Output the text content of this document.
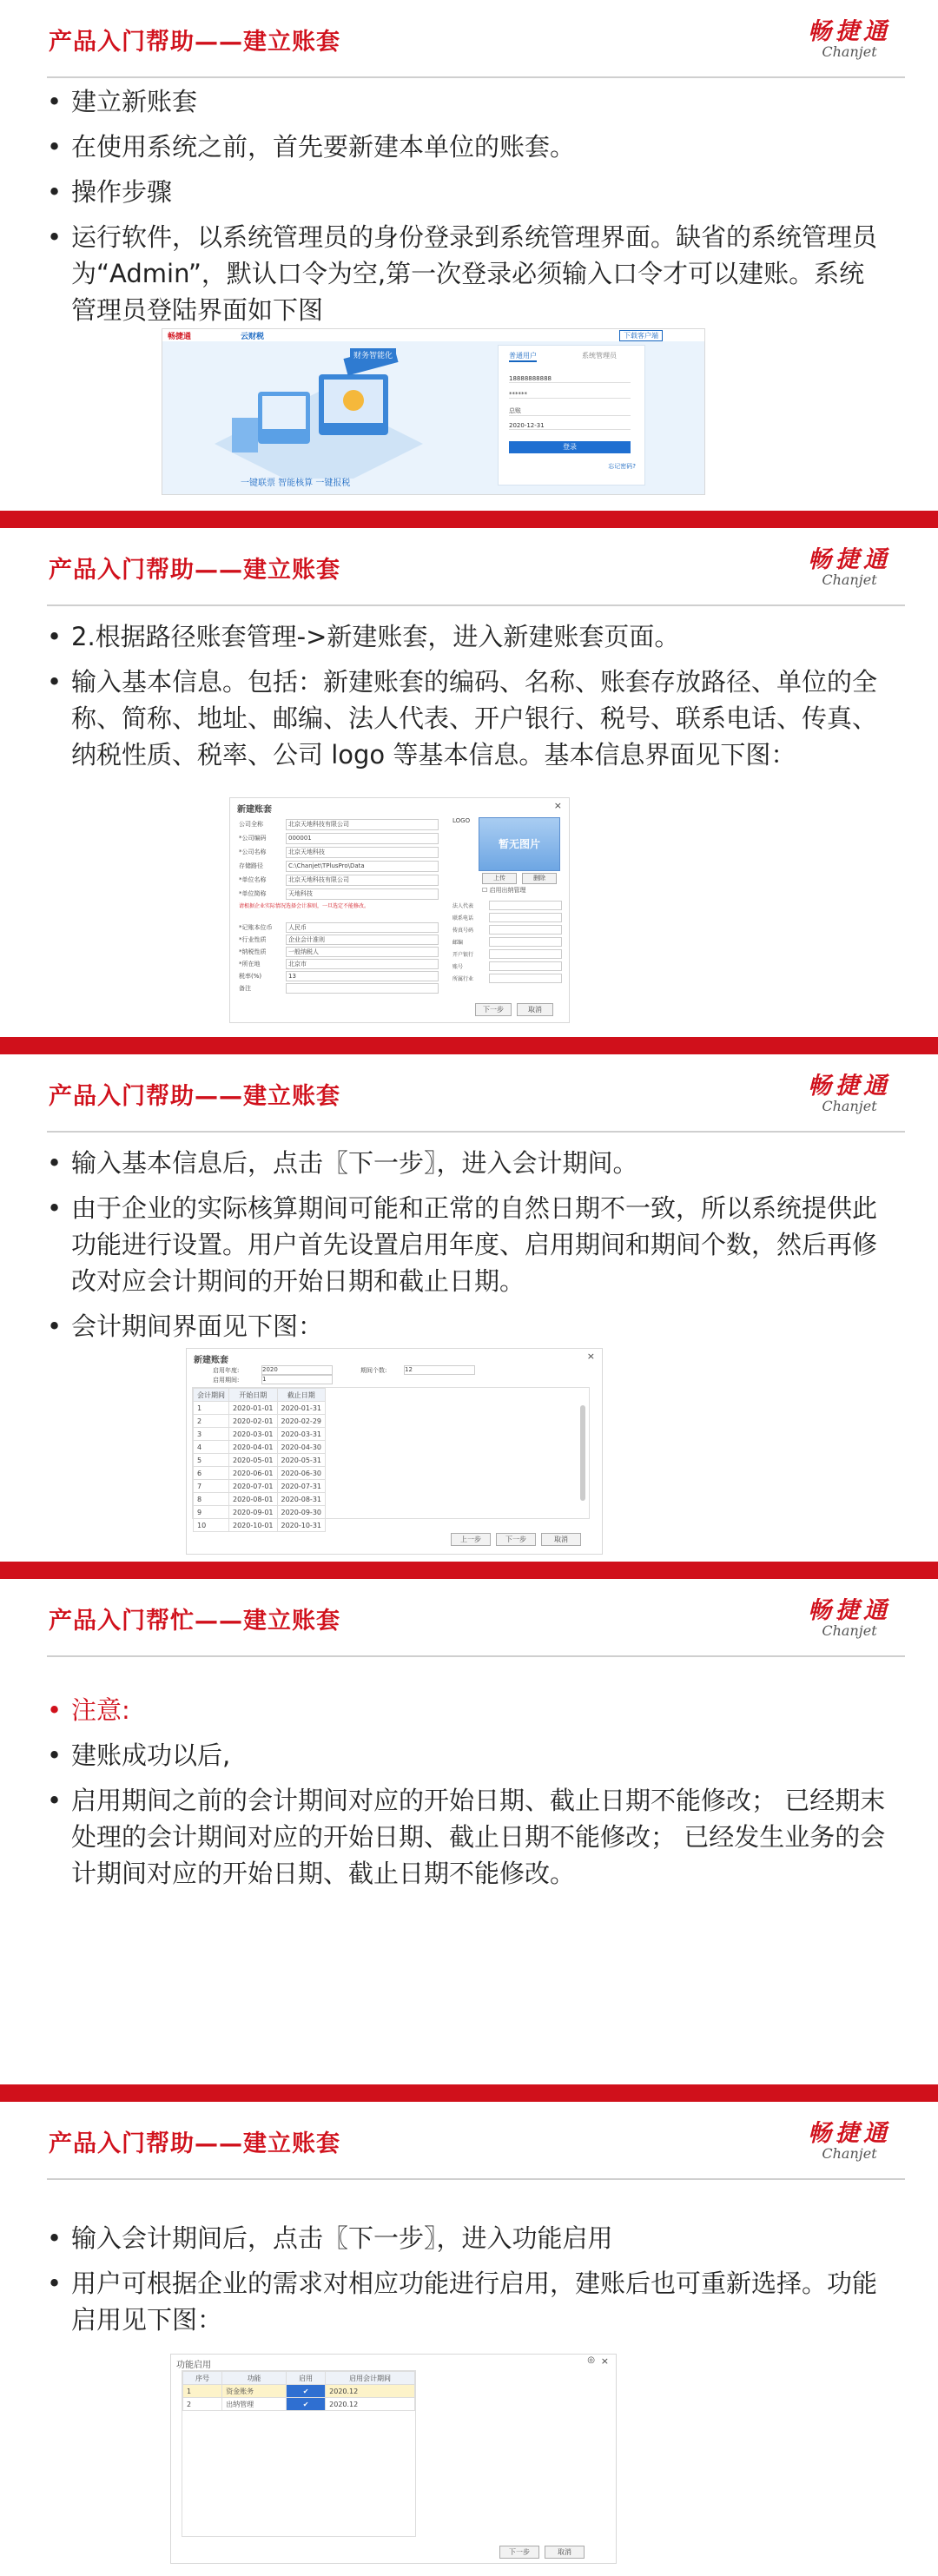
产品入门帮助——建立账套	畅捷通
Chanjet
• 建立新账套
• 在使用系统之前，首先要新建本单位的账套。
• 操作步骤
• 运行软件，以系统管理员的身份登录到系统管理界面。缺省的系统管理员为“Admin”，默认口令为空,第一次登录必须输入口令才可以建账。系统管理员登陆界面如下图
畅捷通	云财税	下载客户端
财务智能化
一键联票 智能核算 一键报税
普通用户	系统管理员
18888888888
******
总账
2020-12-31
登录
忘记密码?
产品入门帮助——建立账套	畅捷通
Chanjet
• 2.根据路径账套管理->新建账套，进入新建账套页面。
• 输入基本信息。包括：新建账套的编码、名称、账套存放路径、单位的全称、简称、地址、邮编、法人代表、开户银行、税号、联系电话、传真、纳税性质、税率、公司 logo 等基本信息。基本信息界面见下图：
新建账套	×
公司全称	北京天地科技有限公司
*公司编码	000001
*公司名称	北京天地科技
存储路径	C:\Chanjet\TPlusPro\Data
*单位名称	北京天地科技有限公司
*单位简称	天地科技
请根据企业实际情况选择会计准则，一旦选定不能修改。
*记账本位币	人民币
*行业性质	企业会计准则
*纳税性质	一般纳税人
*所在地	北京市
税率(%)	13
备注
LOGO
暂无图片
上传	删除
☐ 启用出纳管理
法人代表
联系电话
传真号码
邮编
开户银行
账号
所属行业
下一步	取消
产品入门帮助——建立账套	畅捷通
Chanjet
• 输入基本信息后，点击〖下一步〗，进入会计期间。
• 由于企业的实际核算期间可能和正常的自然日期不一致，所以系统提供此功能进行设置。用户首先设置启用年度、启用期间和期间个数，然后再修改对应会计期间的开始日期和截止日期。
• 会计期间界面见下图：
新建账套	×
启用年度:	2020
启用期间:	1
期间个数:	12
会计期间	开始日期	截止日期
1	2020-01-01	2020-01-31
2	2020-02-01	2020-02-29
3	2020-03-01	2020-03-31
4	2020-04-01	2020-04-30
5	2020-05-01	2020-05-31
6	2020-06-01	2020-06-30
7	2020-07-01	2020-07-31
8	2020-08-01	2020-08-31
9	2020-09-01	2020-09-30
10	2020-10-01	2020-10-31
上一步	下一步	取消
产品入门帮忙——建立账套	畅捷通
Chanjet
• 注意:
• 建账成功以后,
• 启用期间之前的会计期间对应的开始日期、截止日期不能修改； 已经期末处理的会计期间对应的开始日期、截止日期不能修改； 已经发生业务的会计期间对应的开始日期、截止日期不能修改。
产品入门帮助——建立账套	畅捷通
Chanjet
• 输入会计期间后，点击〖下一步〗，进入功能启用
• 用户可根据企业的需求对相应功能进行启用，建账后也可重新选择。功能启用见下图：
功能启用
◎ ×
序号	功能	启用	启用会计期间
1	资金账务	✔	2020.12
2	出纳管理	✔	2020.12
下一步	取消
